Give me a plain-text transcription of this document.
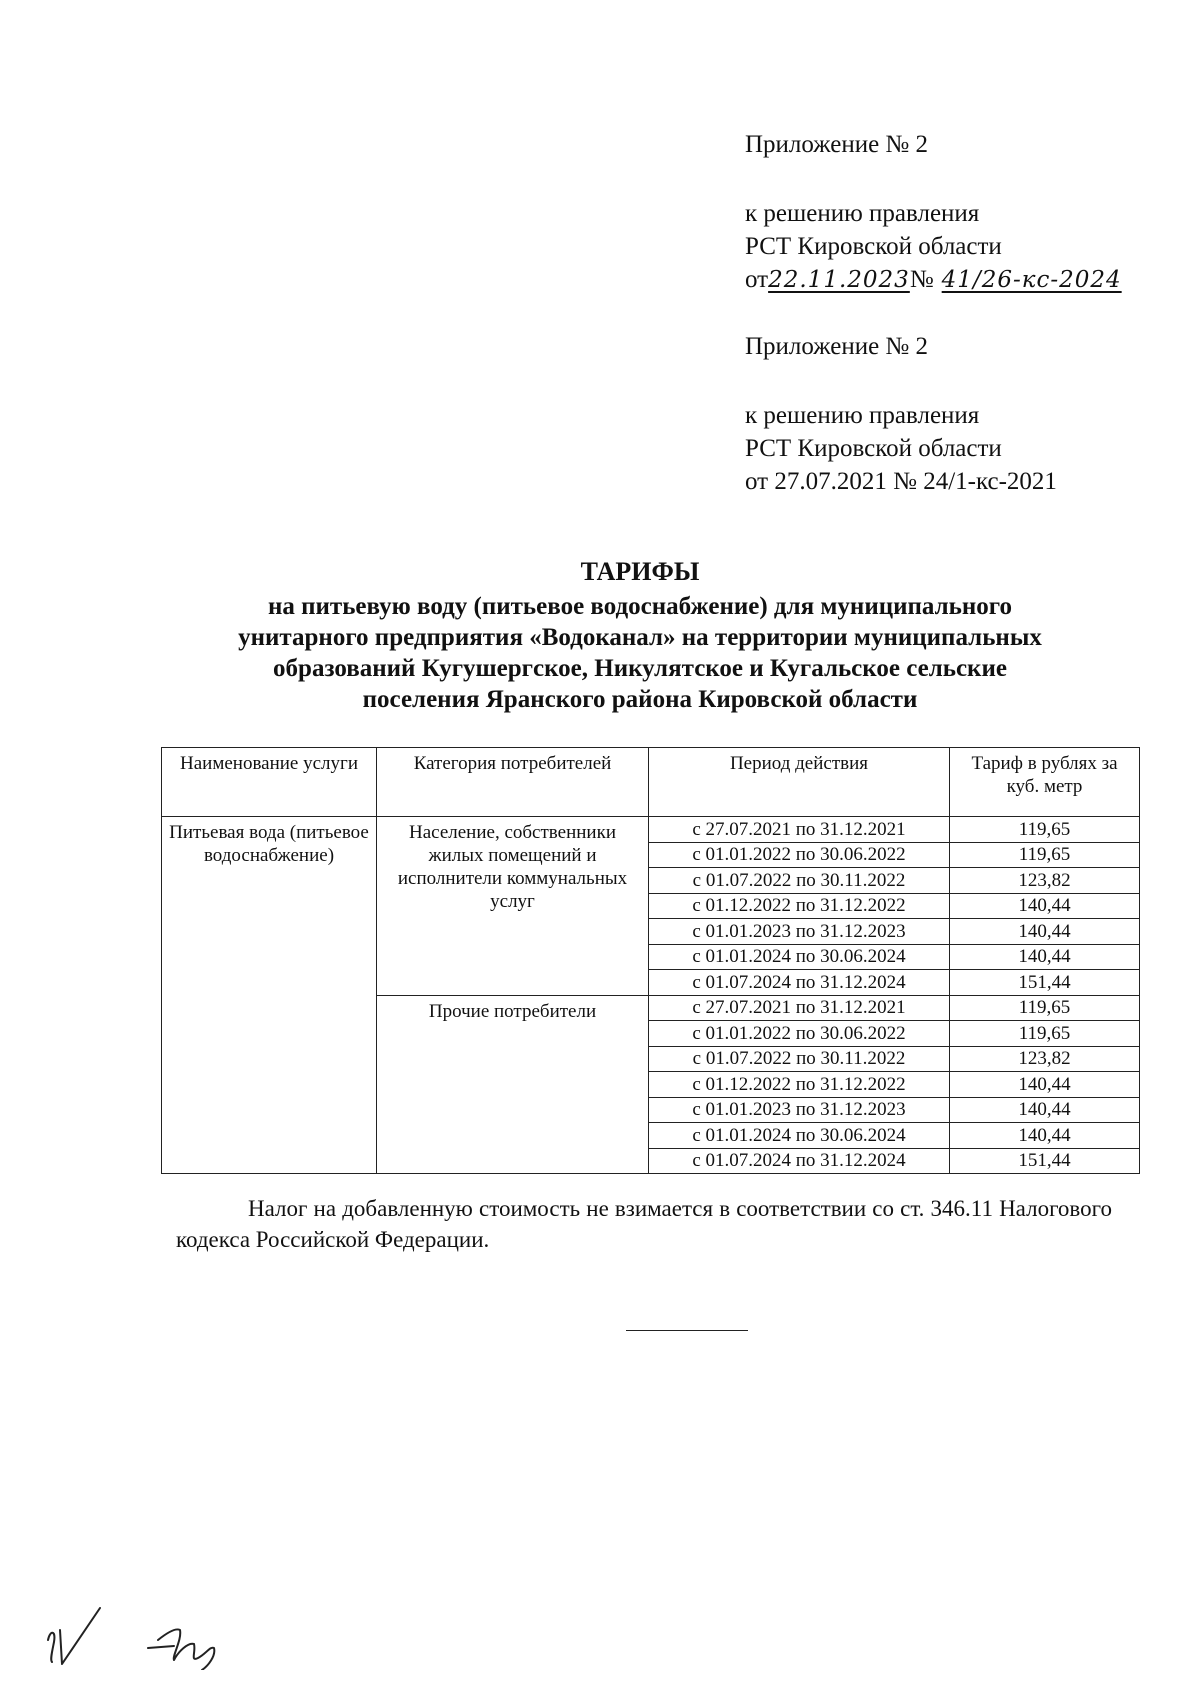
Приложение № 2
к решению правления
РСТ Кировской области
от22.11.2023№ 41/26-кс-2024
Приложение № 2
к решению правления
РСТ Кировской области
от 27.07.2021 № 24/1-кс-2021
ТАРИФЫ
на питьевую воду (питьевое водоснабжение) для муниципального
унитарного предприятия «Водоканал» на территории муниципальных
образований Кугушергское, Никулятское и Кугальское сельские
поселения Яранского района Кировской области
Наименование услуги	Категория потребителей	Период действия	Тариф в рублях за куб. метр
Питьевая вода (питьевое водоснабжение)	Население, собственники жилых помещений и исполнители коммунальных услуг	с 27.07.2021 по 31.12.2021	119,65
		с 01.01.2022 по 30.06.2022	119,65
		с 01.07.2022 по 30.11.2022	123,82
		с 01.12.2022 по 31.12.2022	140,44
		с 01.01.2023 по 31.12.2023	140,44
		с 01.01.2024 по 30.06.2024	140,44
		с 01.07.2024 по 31.12.2024	151,44
	Прочие потребители	с 27.07.2021 по 31.12.2021	119,65
		с 01.01.2022 по 30.06.2022	119,65
		с 01.07.2022 по 30.11.2022	123,82
		с 01.12.2022 по 31.12.2022	140,44
		с 01.01.2023 по 31.12.2023	140,44
		с 01.01.2024 по 30.06.2024	140,44
		с 01.07.2024 по 31.12.2024	151,44
Налог на добавленную стоимость не взимается в соответствии со ст. 346.11 Налогового кодекса Российской Федерации.
